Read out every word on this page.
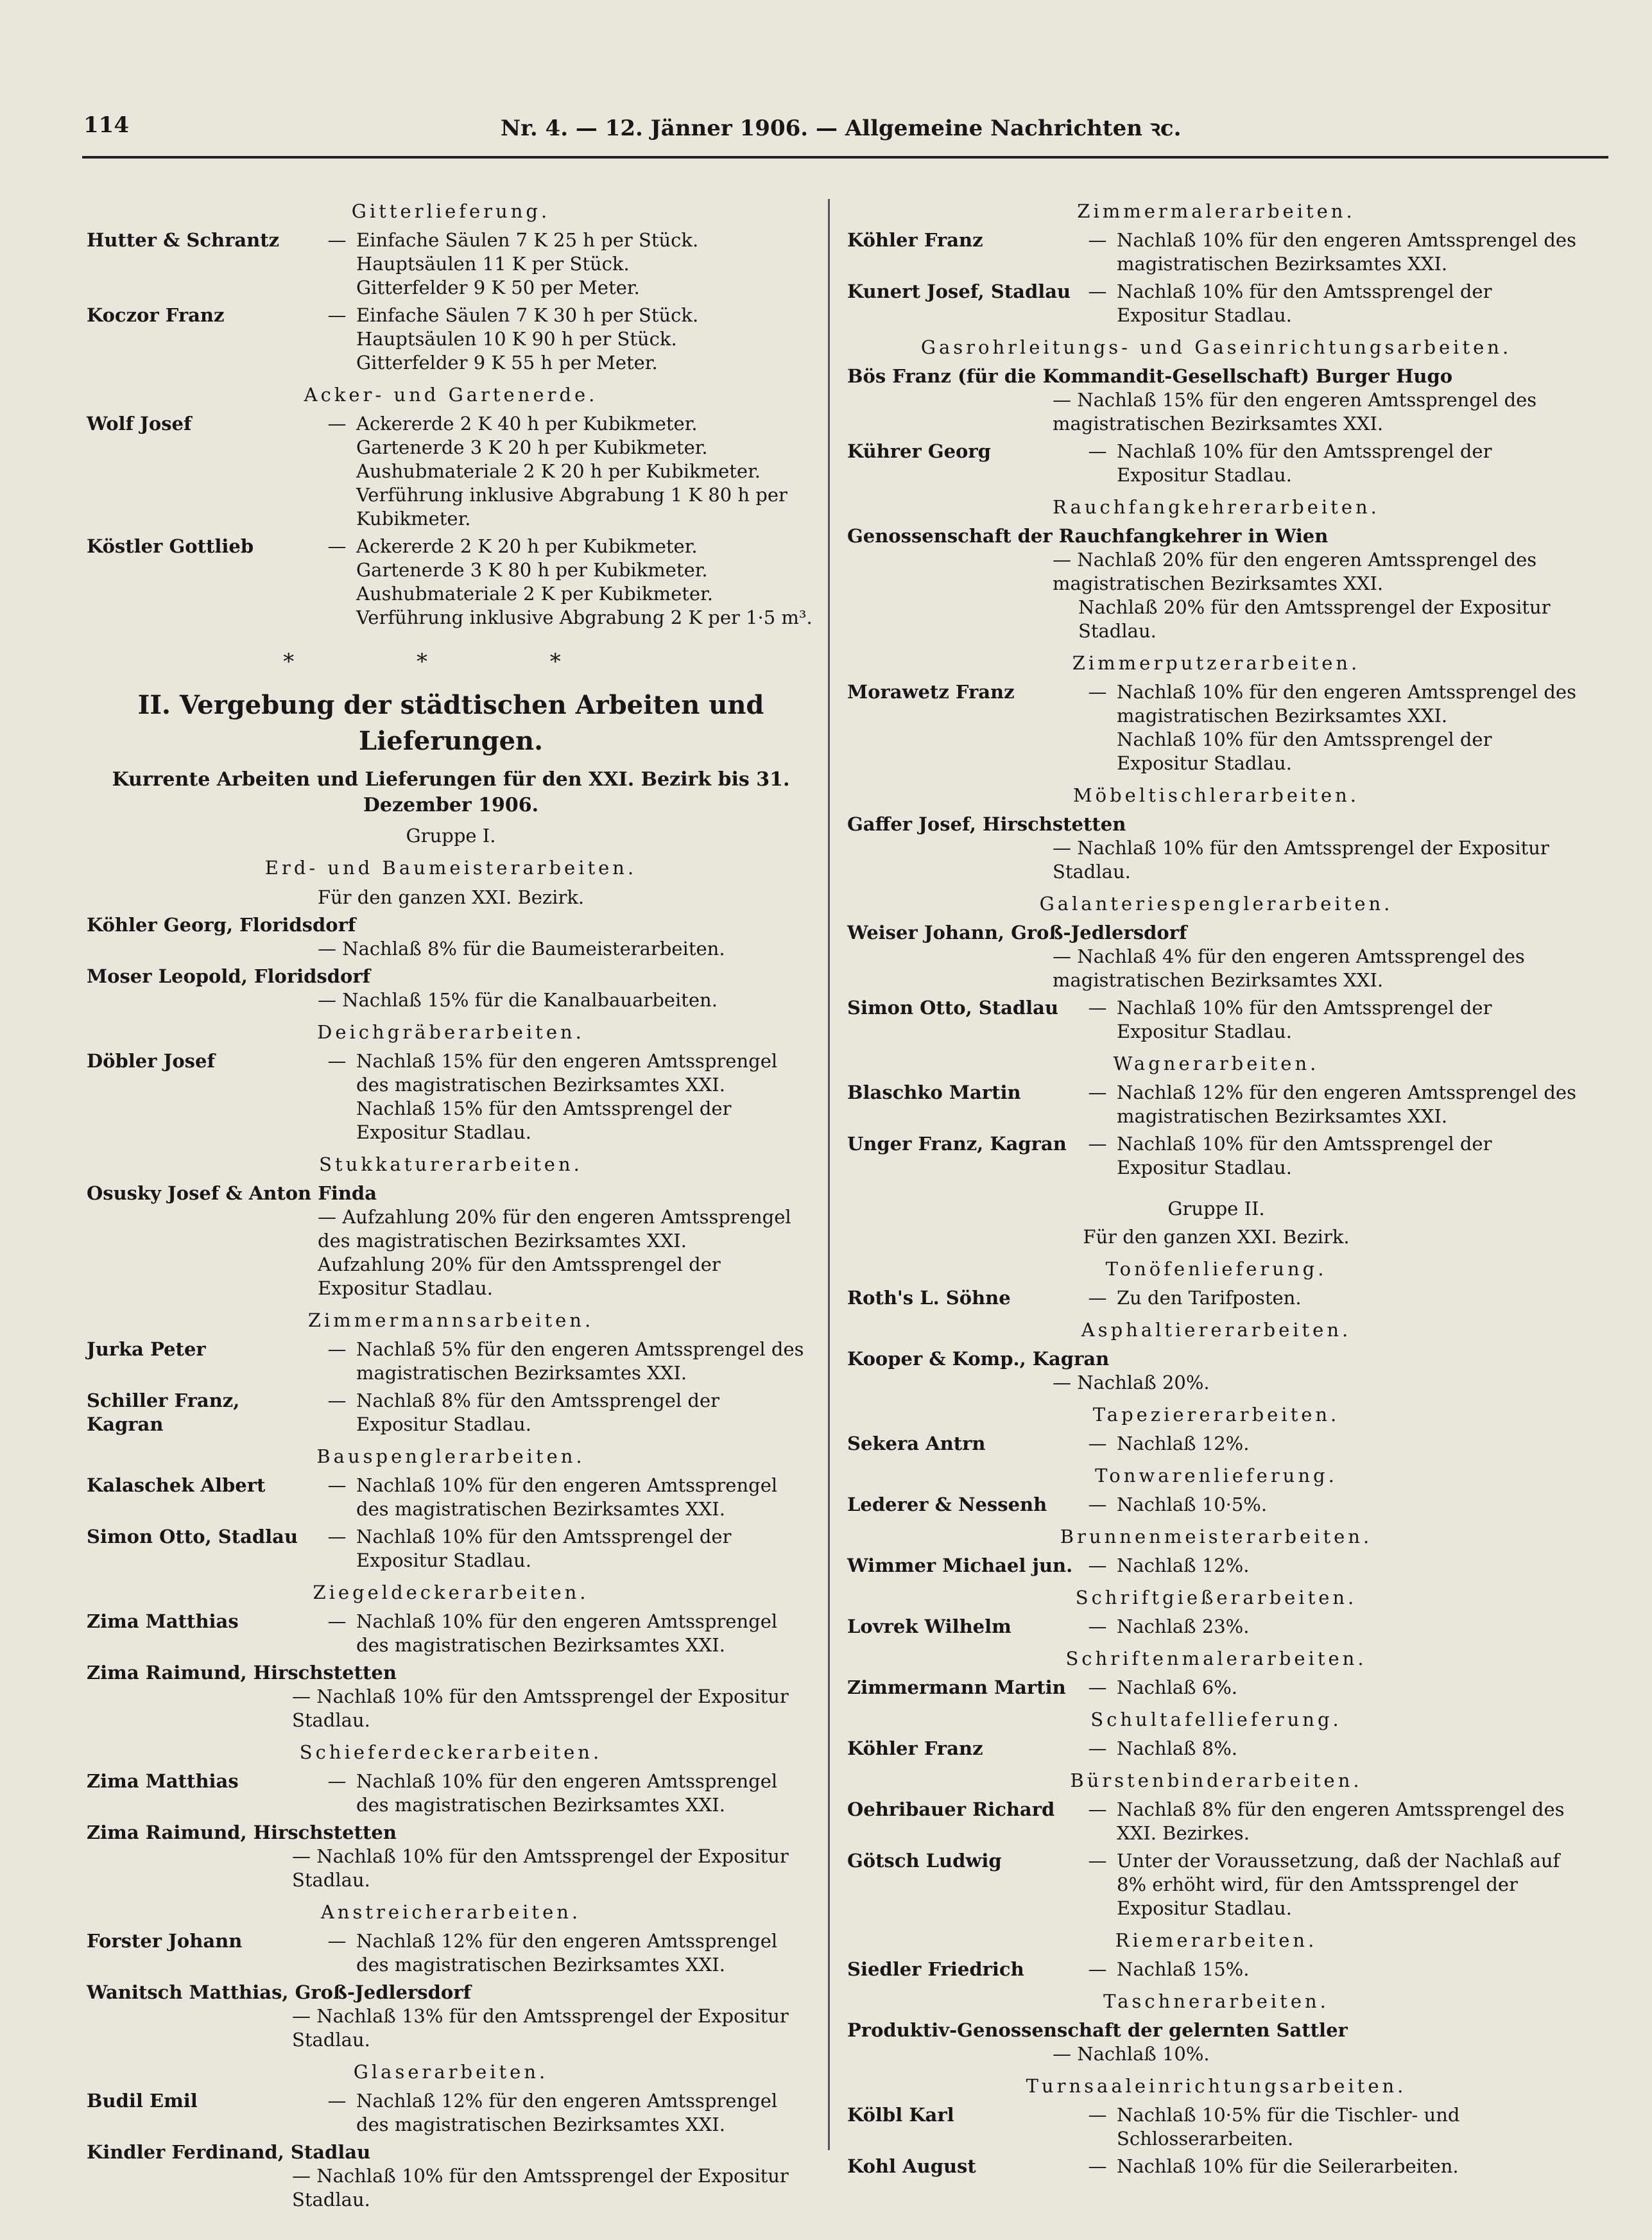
114	Nr. 4. — 12. Jänner 1906. — Allgemeine Nachrichten ꝛc.
Gitterlieferung.
Hutter & Schrantz	— Einfache Säulen 7 K 25 h per Stück.
Hauptsäulen 11 K per Stück.
Gitterfelder 9 K 50 per Meter.
Koczor Franz	— Einfache Säulen 7 K 30 h per Stück.
Hauptsäulen 10 K 90 h per Stück.
Gitterfelder 9 K 55 h per Meter.
Acker- und Gartenerde.
Wolf Josef	— Ackererde 2 K 40 h per Kubikmeter.
Gartenerde 3 K 20 h per Kubikmeter.
Aushubmateriale 2 K 20 h per Kubikmeter.
Verführung inklusive Abgrabung 1 K 80 h per Kubikmeter.
Köstler Gottlieb	— Ackererde 2 K 20 h per Kubikmeter.
Gartenerde 3 K 80 h per Kubikmeter.
Aushubmateriale 2 K per Kubikmeter.
Verführung inklusive Abgrabung 2 K per 1·5 m³.
* * *
II. Vergebung der städtischen Arbeiten und Lieferungen.
Kurrente Arbeiten und Lieferungen für den XXI. Bezirk bis 31. Dezember 1906.
Gruppe I.
Erd- und Baumeisterarbeiten.
Für den ganzen XXI. Bezirk.
Köhler Georg, Floridsdorf
— Nachlaß 8% für die Baumeisterarbeiten.
Moser Leopold, Floridsdorf
— Nachlaß 15% für die Kanalbauarbeiten.
Deichgräberarbeiten.
Döbler Josef	— Nachlaß 15% für den engeren Amtssprengel des magistratischen Bezirksamtes XXI.
Nachlaß 15% für den Amtssprengel der Expositur Stadlau.
Stukkaturerarbeiten.
Osusky Josef & Anton Finda
— Aufzahlung 20% für den engeren Amtssprengel des magistratischen Bezirksamtes XXI.
Aufzahlung 20% für den Amtssprengel der Expositur Stadlau.
Zimmermannsarbeiten.
Jurka Peter	— Nachlaß 5% für den engeren Amtssprengel des magistratischen Bezirksamtes XXI.
Schiller Franz, Kagran
— Nachlaß 8% für den Amtssprengel der Expositur Stadlau.
Bauspenglerarbeiten.
Kalaschek Albert	— Nachlaß 10% für den engeren Amtssprengel des magistratischen Bezirksamtes XXI.
Simon Otto, Stadlau	— Nachlaß 10% für den Amtssprengel der Expositur Stadlau.
Ziegeldeckerarbeiten.
Zima Matthias	— Nachlaß 10% für den engeren Amtssprengel des magistratischen Bezirksamtes XXI.
Zima Raimund, Hirschstetten
— Nachlaß 10% für den Amtssprengel der Expositur Stadlau.
Schieferdeckerarbeiten.
Zima Matthias	— Nachlaß 10% für den engeren Amtssprengel des magistratischen Bezirksamtes XXI.
Zima Raimund, Hirschstetten
— Nachlaß 10% für den Amtssprengel der Expositur Stadlau.
Anstreicherarbeiten.
Forster Johann	— Nachlaß 12% für den engeren Amtssprengel des magistratischen Bezirksamtes XXI.
Wanitsch Matthias, Groß-Jedlersdorf
— Nachlaß 13% für den Amtssprengel der Expositur Stadlau.
Glaserarbeiten.
Budil Emil	— Nachlaß 12% für den engeren Amtssprengel des magistratischen Bezirksamtes XXI.
Kindler Ferdinand, Stadlau
— Nachlaß 10% für den Amtssprengel der Expositur Stadlau.
Zimmermalerarbeiten.
Köhler Franz	— Nachlaß 10% für den engeren Amtssprengel des magistratischen Bezirksamtes XXI.
Kunert Josef, Stadlau — Nachlaß 10% für den Amtssprengel der Expositur Stadlau.
Gasrohrleitungs- und Gaseinrichtungsarbeiten.
Bös Franz (für die Kommandit-Gesellschaft) Burger Hugo
— Nachlaß 15% für den engeren Amtssprengel des magistratischen Bezirksamtes XXI.
Kührer Georg	— Nachlaß 10% für den Amtssprengel der Expositur Stadlau.
Rauchfangkehrerarbeiten.
Genossenschaft der Rauchfangkehrer in Wien
— Nachlaß 20% für den engeren Amtssprengel des magistratischen Bezirksamtes XXI.
Nachlaß 20% für den Amtssprengel der Expositur Stadlau.
Zimmerputzerarbeiten.
Morawetz Franz	— Nachlaß 10% für den engeren Amtssprengel des magistratischen Bezirksamtes XXI.
Nachlaß 10% für den Amtssprengel der Expositur Stadlau.
Möbeltischlerarbeiten.
Gaffer Josef, Hirschstetten
— Nachlaß 10% für den Amtssprengel der Expositur Stadlau.
Galanteriespenglerarbeiten.
Weiser Johann, Groß-Jedlersdorf
— Nachlaß 4% für den engeren Amtssprengel des magistratischen Bezirksamtes XXI.
Simon Otto, Stadlau	— Nachlaß 10% für den Amtssprengel der Expositur Stadlau.
Wagnerarbeiten.
Blaschko Martin	— Nachlaß 12% für den engeren Amtssprengel des magistratischen Bezirksamtes XXI.
Unger Franz, Kagran	— Nachlaß 10% für den Amtssprengel der Expositur Stadlau.
Gruppe II.
Für den ganzen XXI. Bezirk.
Tonöfenlieferung.
Roth's L. Söhne	— Zu den Tarifposten.
Asphaltiererarbeiten.
Kooper & Komp., Kagran
— Nachlaß 20%.
Tapeziererarbeiten.
Sekera Antrn	— Nachlaß 12%.
Tonwarenlieferung.
Lederer & Nessenh	— Nachlaß 10·5%.
Brunnenmeisterarbeiten.
Wimmer Michael jun. — Nachlaß 12%.
Schriftgießerarbeiten.
Lovrek Wilhelm	— Nachlaß 23%.
Schriftenmalerarbeiten.
Zimmermann Martin	— Nachlaß 6%.
Schultafellieferung.
Köhler Franz	— Nachlaß 8%.
Bürstenbinderarbeiten.
Oehribauer Richard	— Nachlaß 8% für den engeren Amtssprengel des XXI. Bezirkes.
Götsch Ludwig	— Unter der Voraussetzung, daß der Nachlaß auf 8% erhöht wird, für den Amtssprengel der Expositur Stadlau.
Riemerarbeiten.
Siedler Friedrich	— Nachlaß 15%.
Taschnerarbeiten.
Produktiv-Genossenschaft der gelernten Sattler
— Nachlaß 10%.
Turnsaaleinrichtungsarbeiten.
Kölbl Karl	— Nachlaß 10·5% für die Tischler- und Schlosserarbeiten.
Kohl August	— Nachlaß 10% für die Seilerarbeiten.
